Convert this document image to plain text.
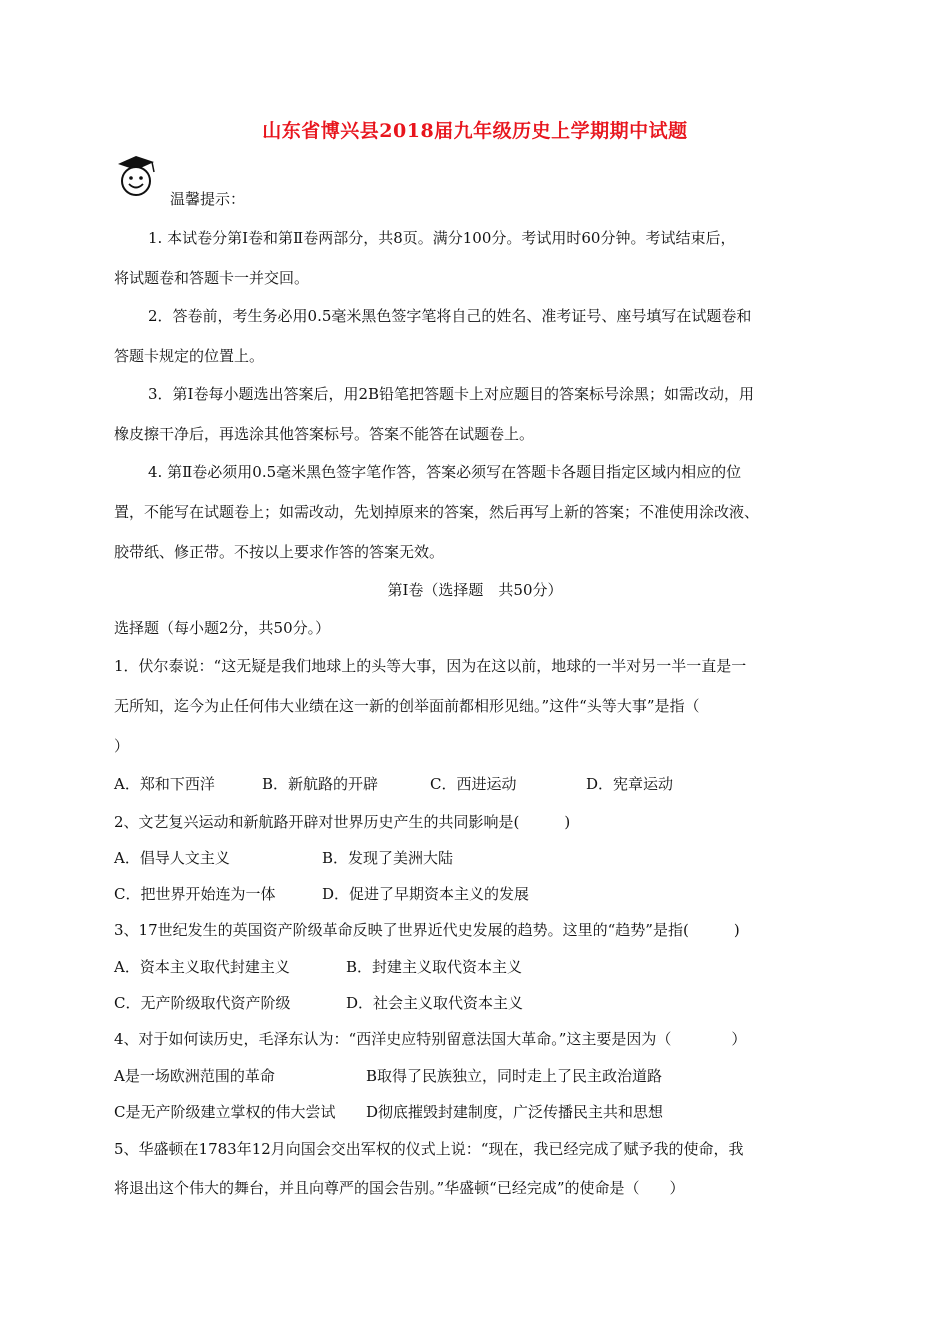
山东省博兴县2018届九年级历史上学期期中试题
温馨提示：
1. 本试卷分第Ⅰ卷和第Ⅱ卷两部分，共8页。满分100分。考试用时60分钟。考试结束后，
将试题卷和答题卡一并交回。
2．答卷前，考生务必用0.5毫米黑色签字笔将自己的姓名、准考证号、座号填写在试题卷和
答题卡规定的位置上。
3．第Ⅰ卷每小题选出答案后，用2B铅笔把答题卡上对应题目的答案标号涂黑；如需改动，用
橡皮擦干净后，再选涂其他答案标号。答案不能答在试题卷上。
4. 第Ⅱ卷必须用0.5毫米黑色签字笔作答，答案必须写在答题卡各题目指定区域内相应的位
置，不能写在试题卷上；如需改动，先划掉原来的答案，然后再写上新的答案；不准使用涂改液、
胶带纸、修正带。不按以上要求作答的答案无效。
第Ⅰ卷（选择题　共50分）
选择题（每小题2分，共50分。）
1．伏尔泰说：“这无疑是我们地球上的头等大事，因为在这以前，地球的一半对另一半一直是一
无所知，迄今为止任何伟大业绩在这一新的创举面前都相形见绌。”这件“头等大事”是指（
）
A．郑和下西洋	B．新航路的开辟	C．西进运动	D．宪章运动
2、文艺复兴运动和新航路开辟对世界历史产生的共同影响是(　　　)
A．倡导人文主义	B．发现了美洲大陆
C．把世界开始连为一体	D．促进了早期资本主义的发展
3、17世纪发生的英国资产阶级革命反映了世界近代史发展的趋势。这里的“趋势”是指(　　　)
A．资本主义取代封建主义	B．封建主义取代资本主义
C．无产阶级取代资产阶级	D．社会主义取代资本主义
4、对于如何读历史，毛泽东认为：“西洋史应特别留意法国大革命。”这主要是因为（　　　　）
A是一场欧洲范围的革命	B取得了民族独立，同时走上了民主政治道路
C是无产阶级建立掌权的伟大尝试 D彻底摧毁封建制度，广泛传播民主共和思想
5、华盛顿在1783年12月向国会交出军权的仪式上说：“现在，我已经完成了赋予我的使命，我
将退出这个伟大的舞台，并且向尊严的国会告别。”华盛顿“已经完成”的使命是（　　）
